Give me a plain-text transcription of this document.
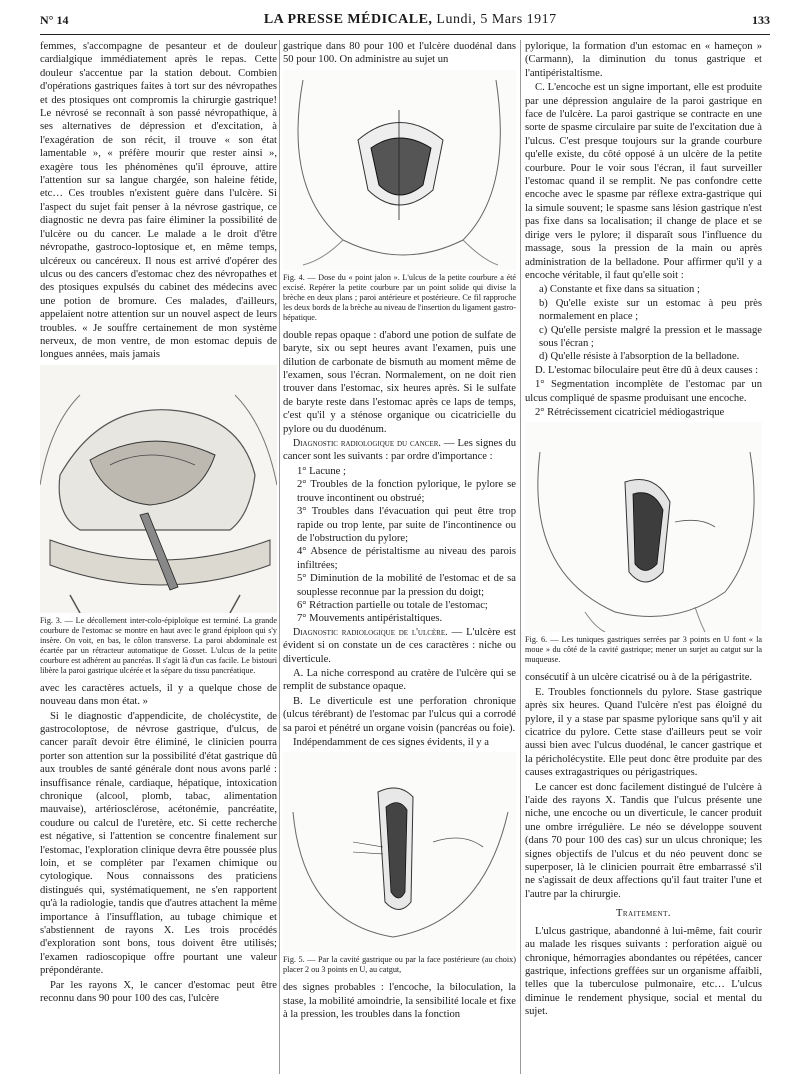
N° 14	LA PRESSE MÉDICALE, Lundi, 5 Mars 1917	133

femmes, s'accompagne de pesanteur et de douleur cardialgique immédiatement après le repas. Cette douleur s'accentue par la station debout. Combien d'opérations gastriques faites à tort sur des névropathes et des ptosiques ont compromis la chirurgie gastrique! Le névrosé se reconnaît à son passé névropathique, à ses alternatives de dépression et d'excitation, à l'exagération de son récit, il trouve « son état lamentable », « préfère mourir que rester ainsi », exagère tous les phénomènes qu'il éprouve, attire l'attention sur sa langue chargée, son haleine fétide, etc… Ces troubles n'existent guère dans l'ulcère. Si l'aspect du sujet fait penser à la névrose gastrique, ce diagnostic ne devra pas faire éliminer la possibilité de l'ulcère ou du cancer. Le malade a le droit d'être névropathe, gastroco-loptosique et, en même temps, ulcéreux ou cancéreux. Il nous est arrivé d'opérer des ulcus ou des cancers d'estomac chez des névropathes et des ptosiques expulsés du cabinet des médecins avec une potion de bromure. Ces malades, d'ailleurs, appelaient notre attention sur un nouvel aspect de leurs troubles. « Je souffre certainement de mon système nerveux, de mon ventre, de mon estomac depuis de longues années, mais jamais

Fig. 3. — Le décollement inter-colo-épiploïque est terminé. La grande courbure de l'estomac se montre en haut avec le grand épiploon qui s'y insère. On voit, en bas, le côlon transverse. La paroi abdominale est écartée par un rétracteur automatique de Gosset. L'ulcus de la petite courbure est adhérent au pancréas. Il s'agit là d'un cas facile. Le bistouri libère la paroi gastrique ulcérée et la sépare du tissu pancréatique.

avec les caractères actuels, il y a quelque chose de nouveau dans mon état. »

Si le diagnostic d'appendicite, de cholécystite, de gastrocoloptose, de névrose gastrique, d'ulcus, de cancer paraît devoir être éliminé, le clinicien pourra porter son attention sur la possibilité d'état gastrique dû aux troubles de santé générale dont nous avons parlé : insuffisance rénale, cardiaque, hépatique, intoxication chronique (alcool, plomb, tabac, alimentation mauvaise), artériosclérose, acétonémie, pancréatite, coudure ou calcul de l'uretère, etc. Si cette recherche est négative, si l'attention se concentre finalement sur l'estomac, l'exploration clinique devra être poussée plus loin, et se compléter par l'examen chimique ou cytologique. Nous connaissons des praticiens distingués qui, systématiquement, ne s'en rapportent qu'à la radiologie, tandis que d'autres attachent la même importance à l'insufflation, au tubage chimique et s'abstiennent de rayons X. Les trois procédés d'exploration sont bons, tous doivent être utilisés; l'examen radioscopique offre pourtant une valeur prépondérante.

Par les rayons X, le cancer d'estomac peut être reconnu dans 90 pour 100 des cas, l'ulcère

gastrique dans 80 pour 100 et l'ulcère duodénal dans 50 pour 100. On administre au sujet un

Fig. 4. — Dose du « point jalon ». L'ulcus de la petite courbure a été excisé. Repérer la petite courbure par un point solide qui divise la brèche en deux plans ; paroi antérieure et postérieure. Ce fil rapproche les deux bords de la brèche au niveau de l'insertion du ligament gastro-hépatique.

double repas opaque : d'abord une potion de sulfate de baryte, six ou sept heures avant l'examen, puis une dilution de carbonate de bismuth au moment même de l'examen, sous l'écran. Normalement, on ne doit rien trouver dans l'estomac, six heures après. Si le sulfate de baryte reste dans l'estomac après ce laps de temps, c'est qu'il y a sténose organique ou cicatricielle du pylore ou du duodénum.

Diagnostic radiologique du cancer. — Les signes du cancer sont les suivants : par ordre d'importance :

1° Lacune ;

2° Troubles de la fonction pylorique, le pylore se trouve incontinent ou obstrué;

3° Troubles dans l'évacuation qui peut être trop rapide ou trop lente, par suite de l'incontinence ou de l'obstruction du pylore;

4° Absence de péristaltisme au niveau des parois infiltrées;

5° Diminution de la mobilité de l'estomac et de sa souplesse reconnue par la pression du doigt;

6° Rétraction partielle ou totale de l'estomac;

7° Mouvements antipéristaltiques.

Diagnostic radiologique de l'ulcère. — L'ulcère est évident si on constate un de ces caractères : niche ou diverticule.

A. La niche correspond au cratère de l'ulcère qui se remplit de substance opaque.

B. Le diverticule est une perforation chronique (ulcus térébrant) de l'estomac par l'ulcus qui a corrodé sa paroi et pénétré un organe voisin (pancréas ou foie).

Indépendamment de ces signes évidents, il y a

Fig. 5. — Par la cavité gastrique ou par la face postérieure (au choix) placer 2 ou 3 points en U, au catgut,

des signes probables : l'encoche, la biloculation, la stase, la mobilité amoindrie, la sensibilité locale et fixe à la pression, les troubles dans la fonction

pylorique, la formation d'un estomac en « hameçon » (Carmann), la diminution du tonus gastrique et l'antipéristaltisme.

C. L'encoche est un signe important, elle est produite par une dépression angulaire de la paroi gastrique en face de l'ulcère. La paroi gastrique se contracte en une sorte de spasme circulaire par suite de l'excitation due à l'ulcus. C'est presque toujours sur la grande courbure qu'elle existe, du côté opposé à un ulcère de la petite courbure. Pour le voir sous l'écran, il faut surveiller l'estomac quand il se remplit. Ne pas confondre cette encoche avec le spasme par réflexe extra-gastrique qui la simule souvent; le spasme sans lésion gastrique n'est pas fixe dans sa localisation; il change de place et se dirige vers le pylore; il disparaît sous l'influence du massage, sous la pression de la main ou après administration de la belladone. Pour affirmer qu'il y a encoche véritable, il faut qu'elle soit :

a) Constante et fixe dans sa situation ;

b) Qu'elle existe sur un estomac à peu près normalement en place ;

c) Qu'elle persiste malgré la pression et le massage sous l'écran ;

d) Qu'elle résiste à l'absorption de la belladone.

D. L'estomac biloculaire peut être dû à deux causes :

1° Segmentation incomplète de l'estomac par un ulcus compliqué de spasme produisant une encoche.

2° Rétrécissement cicatriciel médiogastrique

Fig. 6. — Les tuniques gastriques serrées par 3 points en U font « la moue » du côté de la cavité gastrique; mener un surjet au catgut sur la muqueuse.

consécutif à un ulcère cicatrisé ou à de la périgastrite.

E. Troubles fonctionnels du pylore. Stase gastrique après six heures. Quand l'ulcère n'est pas éloigné du pylore, il y a stase par spasme pylorique sans qu'il y ait cicatrice du pylore. Cette stase d'ailleurs peut se voir aussi bien avec l'ulcus duodénal, le cancer gastrique et la péricholécystite. Elle peut donc être produite par des causes extragastriques ou périgastriques.

Le cancer est donc facilement distingué de l'ulcère à l'aide des rayons X. Tandis que l'ulcus présente une niche, une encoche ou un diverticule, le cancer produit une ombre irrégulière. Le néo se développe souvent (dans 70 pour 100 des cas) sur un ulcus chronique; les signes objectifs de l'ulcus et du néo peuvent donc se superposer, là le clinicien pourrait être embarrassé s'il ne s'agissait de deux affections qu'il faut traiter l'une et l'autre par la chirurgie.

Traitement.

L'ulcus gastrique, abandonné à lui-même, fait courir au malade les risques suivants : perforation aiguë ou chronique, hémorragies abondantes ou répétées, cancer gastrique, infections greffées sur un organisme affaibli, telles que la tuberculose pulmonaire, etc… L'ulcus diminue le rendement physique, social et mental du sujet.
